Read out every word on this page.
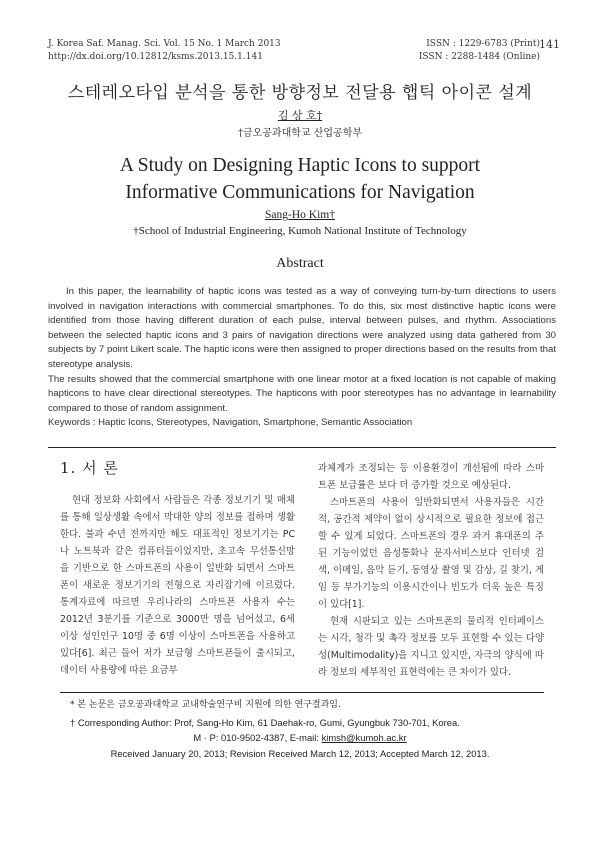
J. Korea Saf. Manag. Sci. Vol. 15 No. 1 March 2013
http://dx.doi.org/10.12812/ksms.2013.15.1.141
ISSN : 1229-6783 (Print)
ISSN : 2288-1484 (Online)
141
스테레오타입 분석을 통한 방향정보 전달용 햅틱 아이콘 설계
김 상 호†
†금오공과대학교 산업공학부
A Study on Designing Haptic Icons to support
Informative Communications for Navigation
Sang-Ho Kim†
†School of Industrial Engineering, Kumoh National Institute of Technology
Abstract

In this paper, the learnability of haptic icons was tested as a way of conveying turn-by-turn directions to users involved in navigation interactions with commercial smartphones. To do this, six most distinctive haptic icons were identified from those having different duration of each pulse, interval between pulses, and rhythm. Associations between the selected haptic icons and 3 pairs of navigation directions were analyzed using data gathered from 30 subjects by 7 point Likert scale. The haptic icons were then assigned to proper directions based on the results from that stereotype analysis.

The results showed that the commercial smartphone with one linear motor at a fixed location is not capable of making hapticons to have clear directional stereotypes. The hapticons with poor stereotypes has no advantage in learnability compared to those of random assignment.

Keywords : Haptic Icons, Stereotypes, Navigation, Smartphone, Semantic Association

1. 서 론

현대 정보화 사회에서 사람들은 각종 정보기기 및 매체를 통해 일상생활 속에서 막대한 양의 정보를 접하며 생활한다. 불과 수년 전까지만 해도 대표적인 정보기기는 PC나 노트북과 같은 컴퓨터들이었지만, 초고속 무선통신망을 기반으로 한 스마트폰의 사용이 일반화 되면서 스마트폰이 새로운 정보기기의 전형으로 자리잡기에 이르렀다. 통계자료에 따르면 우리나라의 스마트폰 사용자 수는 2012년 3분기를 기준으로 3000만 명을 넘어섰고, 6세 이상 성인인구 10명 중 6명 이상이 스마트폰을 사용하고 있다[6]. 최근 들어 저가 보급형 스마트폰들이 출시되고, 데이터 사용량에 따른 요금부

과체계가 조정되는 등 이용환경이 개선됨에 따라 스마트폰 보급률은 보다 더 증가할 것으로 예상된다.

스마트폰의 사용이 일반화되면서 사용자들은 시간적, 공간적 제약이 없이 상시적으로 필요한 정보에 접근할 수 있게 되었다. 스마트폰의 경우 과거 휴대폰의 주된 기능이었던 음성통화나 문자서비스보다 인터넷 검색, 이메일, 음악 듣기, 동영상 촬영 및 감상, 길 찾기, 게임 등 부가기능의 이용시간이나 빈도가 더욱 높은 특징이 있다[1].

현재 시판되고 있는 스마트폰의 물리적 인터페이스는 시각, 청각 및 촉각 정보를 모두 표현할 수 있는 다양성(Multimodality)을 지니고 있지만, 자극의 양식에 따라 정보의 세부적인 표현력에는 큰 차이가 있다.

* 본 논문은 금오공과대학교 교내학술연구비 지원에 의한 연구결과임.
† Corresponding Author: Prof, Sang-Ho Kim, 61 Daehak-ro, Gumi, Gyungbuk 730-701, Korea.
M · P: 010-9502-4387, E-mail: kimsh@kumoh.ac.kr
Received January 20, 2013; Revision Received March 12, 2013; Accepted March 12, 2013.
